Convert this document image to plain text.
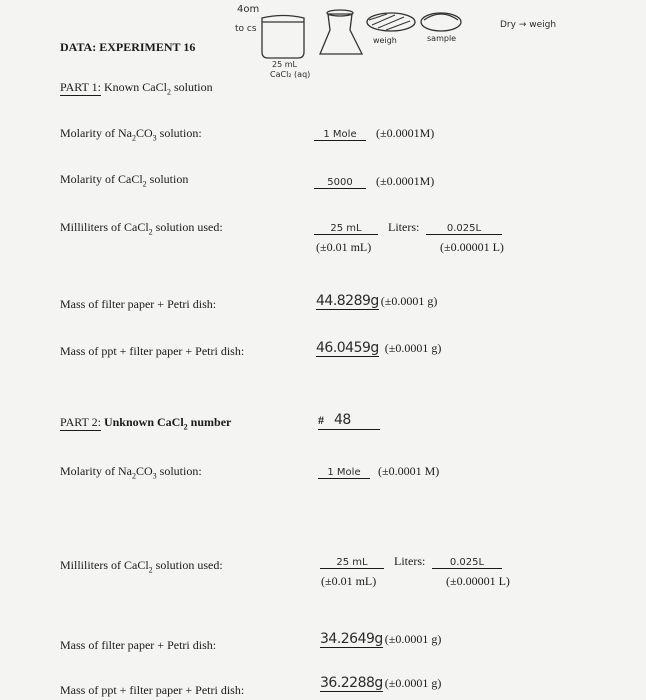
4om
to cs
25 mL
CaCl₂ (aq)
weigh	sample
Dry → weigh
DATA: EXPERIMENT 16
PART 1: Known CaCl$_2$ solution
Molarity of $Na_2CO_3$ solution:	1 Mole (±0.0001M)
Molarity of CaCl$_2$ solution	5000 (±0.0001M)
Milliliters of CaCl$_2$ solution used:	25 mL
(±0.01 mL)
Liters:	0.025L
(±0.00001 L)
Mass of filter paper + Petri dish:	44.8289g (±0.0001 g)
Mass of ppt + filter paper + Petri dish:	46.0459g (±0.0001 g)
PART 2: Unknown CaCl$_2$ number	# 48
Molarity of $Na_2CO_3$ solution:	1 Mole (±0.0001 M)
Milliliters of CaCl$_2$ solution used:	25 mL
(±0.01 mL)
Liters:	0.025L
(±0.00001 L)
Mass of filter paper + Petri dish:	34.2649g (±0.0001 g)
Mass of ppt + filter paper + Petri dish:	36.2288g (±0.0001 g)
